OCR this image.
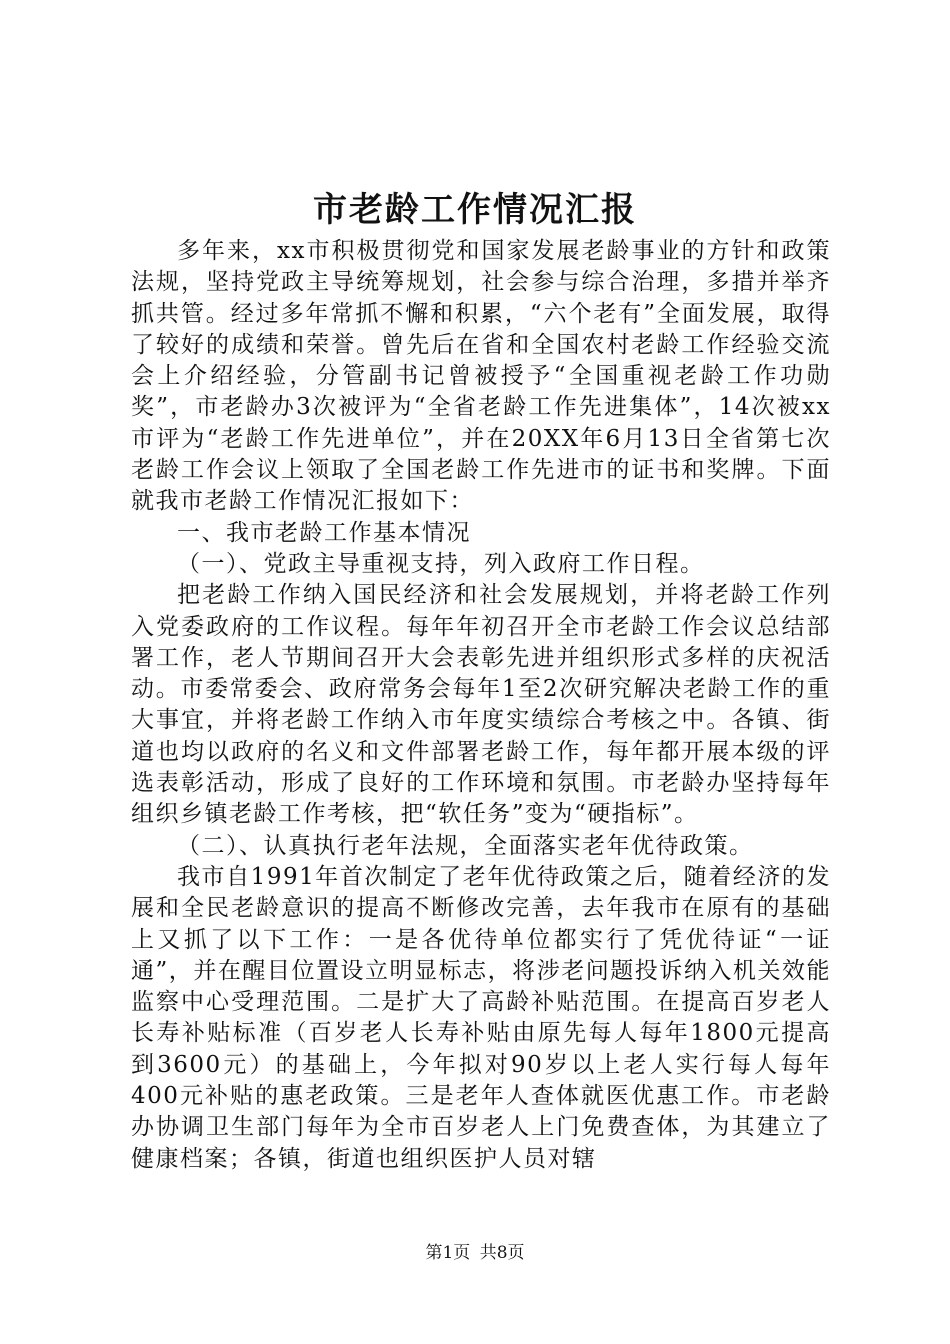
市老龄工作情况汇报

多年来，xx市积极贯彻党和国家发展老龄事业的方针和政策法规，坚持党政主导统筹规划，社会参与综合治理，多措并举齐抓共管。经过多年常抓不懈和积累，“六个老有”全面发展，取得了较好的成绩和荣誉。曾先后在省和全国农村老龄工作经验交流会上介绍经验，分管副书记曾被授予“全国重视老龄工作功勋奖”，市老龄办3次被评为“全省老龄工作先进集体”，14次被xx市评为“老龄工作先进单位”，并在20XX年6月13日全省第七次老龄工作会议上领取了全国老龄工作先进市的证书和奖牌。下面就我市老龄工作情况汇报如下：

一、我市老龄工作基本情况

（一）、党政主导重视支持，列入政府工作日程。

把老龄工作纳入国民经济和社会发展规划，并将老龄工作列入党委政府的工作议程。每年年初召开全市老龄工作会议总结部署工作，老人节期间召开大会表彰先进并组织形式多样的庆祝活动。市委常委会、政府常务会每年1至2次研究解决老龄工作的重大事宜，并将老龄工作纳入市年度实绩综合考核之中。各镇、街道也均以政府的名义和文件部署老龄工作，每年都开展本级的评选表彰活动，形成了良好的工作环境和氛围。市老龄办坚持每年组织乡镇老龄工作考核，把“软任务”变为“硬指标”。

（二）、认真执行老年法规，全面落实老年优待政策。

我市自1991年首次制定了老年优待政策之后，随着经济的发展和全民老龄意识的提高不断修改完善，去年我市在原有的基础上又抓了以下工作：一是各优待单位都实行了凭优待证“一证通”，并在醒目位置设立明显标志，将涉老问题投诉纳入机关效能监察中心受理范围。二是扩大了高龄补贴范围。在提高百岁老人长寿补贴标准（百岁老人长寿补贴由原先每人每年1800元提高到3600元）的基础上，今年拟对90岁以上老人实行每人每年400元补贴的惠老政策。三是老年人查体就医优惠工作。市老龄办协调卫生部门每年为全市百岁老人上门免费查体，为其建立了健康档案；各镇，街道也组织医护人员对辖

第1页 共8页
